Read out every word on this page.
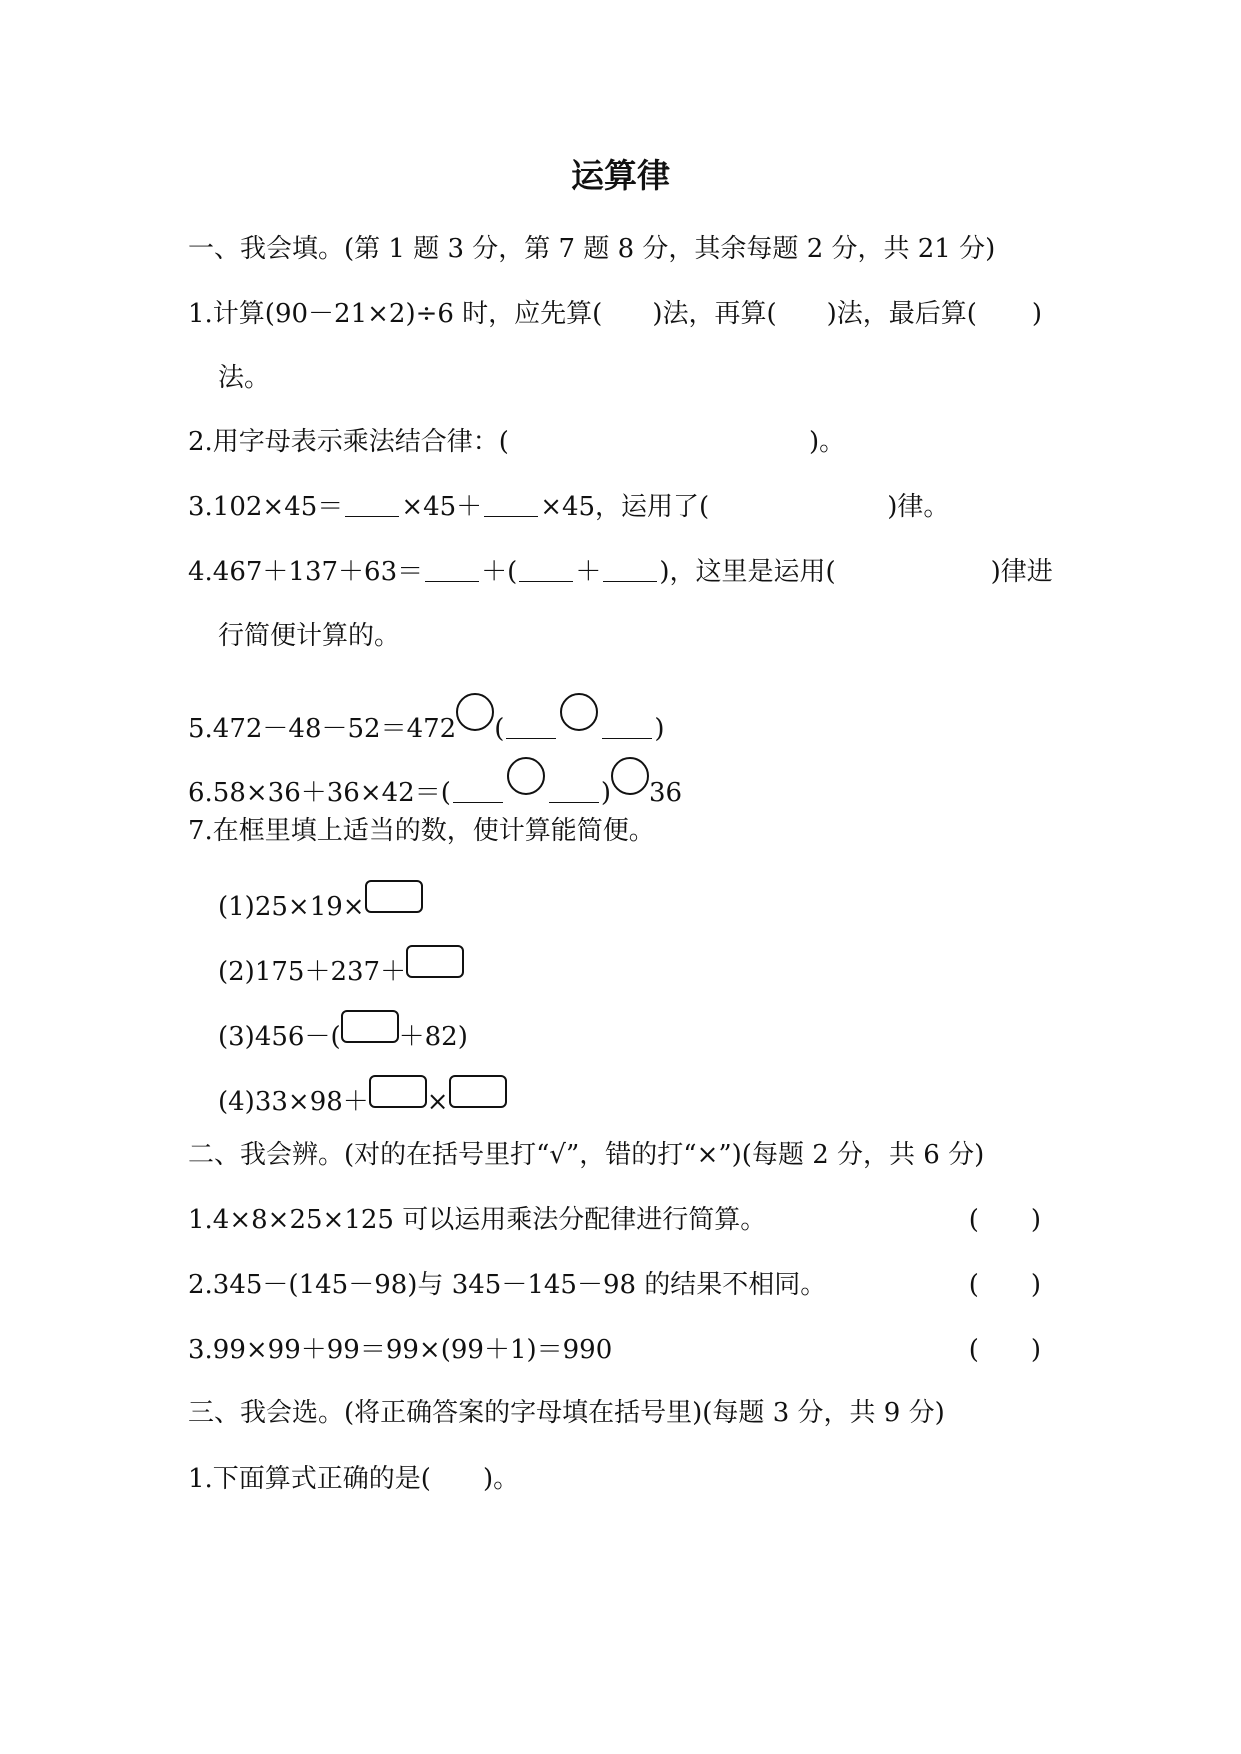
运算律
一、我会填。(第 1 题 3 分，第 7 题 8 分，其余每题 2 分，共 21 分)
1.计算(90－21×2)÷6 时，应先算( )法，再算( )法，最后算( )
法。
2.用字母表示乘法结合律：(	)。
3.102×45＝ ×45＋ ×45，运用了(	)律。
4.467＋137＋63＝ ＋( ＋ )，这里是运用(	)律进
行简便计算的。
5.472－48－52＝472 (	)
6.58×36＋36×42＝(	) 36
7.在框里填上适当的数，使计算能简便。
(1)25×19×
(2)175＋237＋
(3)456－( ＋82)
(4)33×98＋ ×
二、我会辨。(对的在括号里打“√”，错的打“×”)(每题 2 分，共 6 分)
1.4×8×25×125 可以运用乘法分配律进行简算。	(　　)
2.345－(145－98)与 345－145－98 的结果不相同。	(　　)
3.99×99＋99＝99×(99＋1)＝990	(　　)
三、我会选。(将正确答案的字母填在括号里)(每题 3 分，共 9 分)
1.下面算式正确的是( )。
